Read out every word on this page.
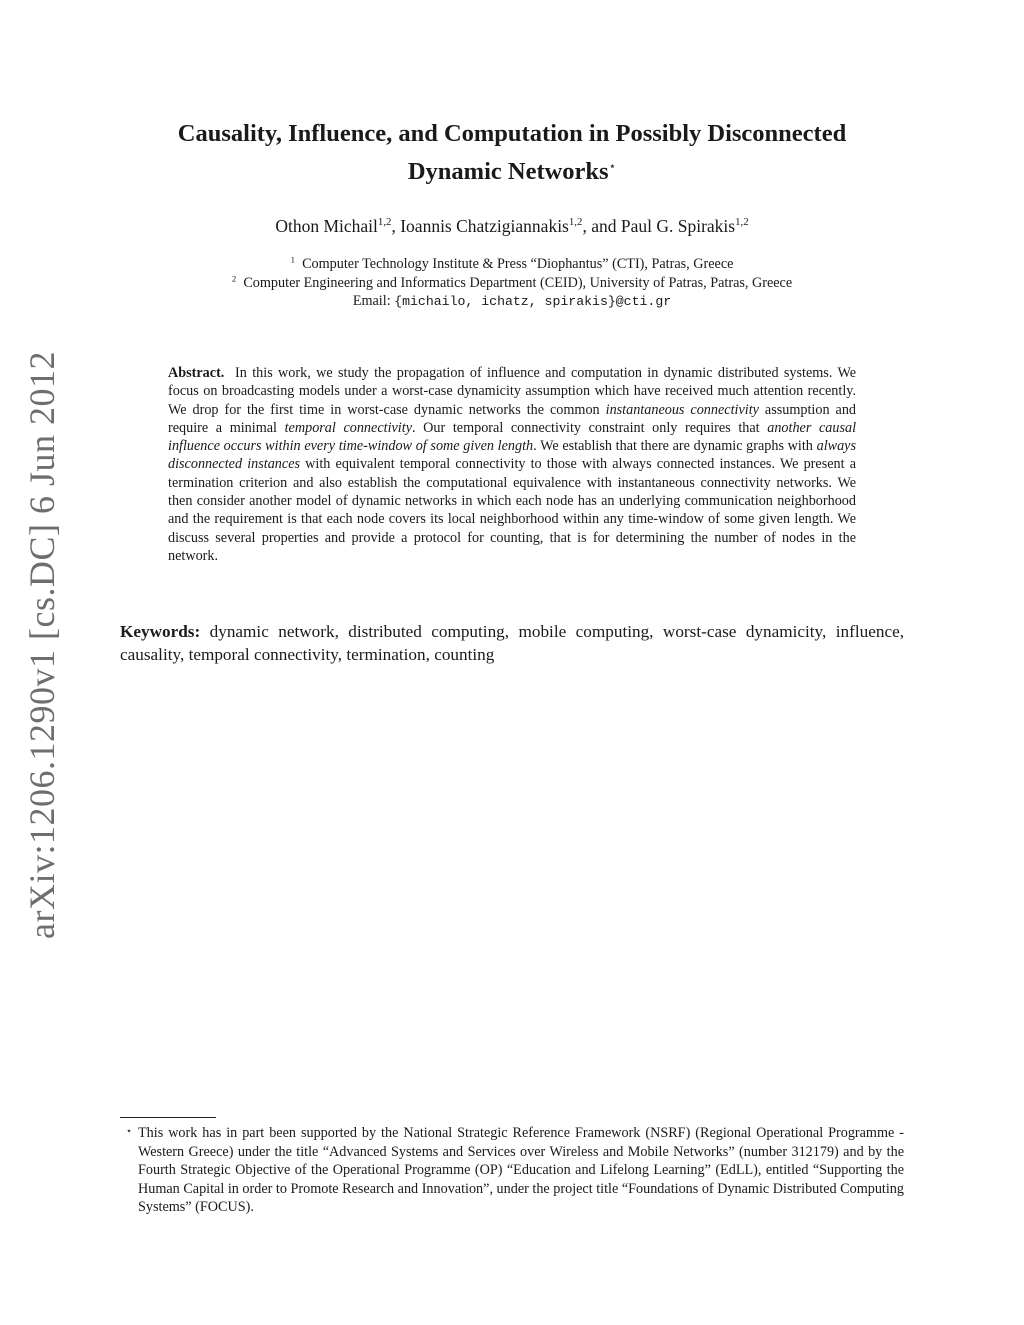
arXiv:1206.1290v1 [cs.DC] 6 Jun 2012
Causality, Influence, and Computation in Possibly Disconnected
Dynamic Networks⋆
Othon Michail$^{1,2}$, Ioannis Chatzigiannakis$^{1,2}$, and Paul G. Spirakis$^{1,2}$
$^1$ Computer Technology Institute & Press “Diophantus” (CTI), Patras, Greece
$^2$ Computer Engineering and Informatics Department (CEID), University of Patras, Patras, Greece
Email: {michailo, ichatz, spirakis}@cti.gr
Abstract. In this work, we study the propagation of influence and computation in dynamic distributed systems. We focus on broadcasting models under a worst-case dynamicity assumption which have received much attention recently. We drop for the first time in worst-case dynamic networks the common instantaneous connectivity assumption and require a minimal temporal connectivity. Our temporal connectivity constraint only requires that another causal influence occurs within every time-window of some given length. We establish that there are dynamic graphs with always disconnected instances with equivalent temporal connectivity to those with always connected instances. We present a termination criterion and also establish the computational equivalence with instantaneous connectivity networks. We then consider another model of dynamic networks in which each node has an underlying communication neighborhood and the requirement is that each node covers its local neighborhood within any time-window of some given length. We discuss several properties and provide a protocol for counting, that is for determining the number of nodes in the network.
Keywords: dynamic network, distributed computing, mobile computing, worst-case dynamicity, influence, causality, temporal connectivity, termination, counting
⋆ This work has in part been supported by the National Strategic Reference Framework (NSRF) (Regional Operational Programme - Western Greece) under the title “Advanced Systems and Services over Wireless and Mobile Networks” (number 312179) and by the Fourth Strategic Objective of the Operational Programme (OP) “Education and Lifelong Learning” (EdLL), entitled “Supporting the Human Capital in order to Promote Research and Innovation”, under the project title “Foundations of Dynamic Distributed Computing Systems” (FOCUS).
